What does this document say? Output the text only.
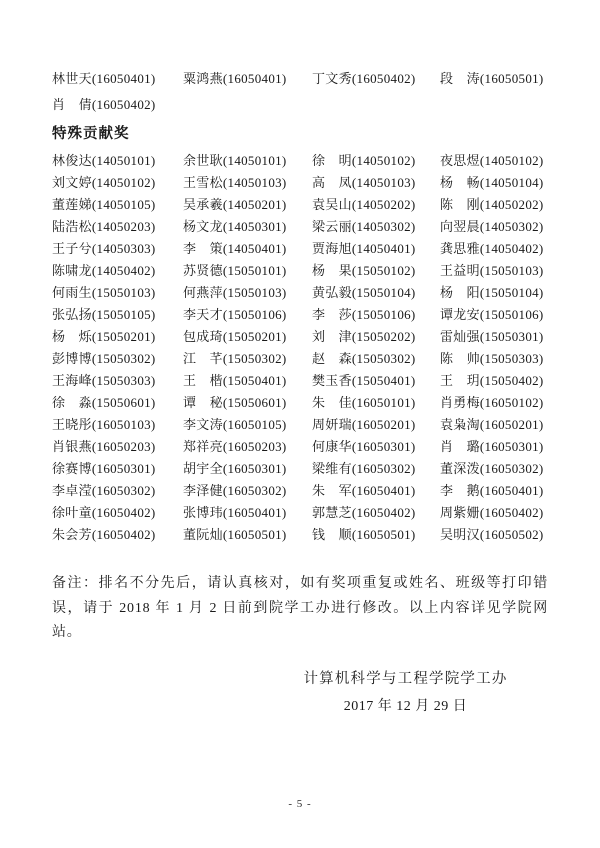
林世天(16050401)	粟鸿燕(16050401)	丁文秀(16050402)	段　涛(16050501)
肖　倩(16050402)
特殊贡献奖
林俊达(14050101)	余世耿(14050101)	徐　明(14050102)	夜思煜(14050102)
刘文婷(14050102)	王雪松(14050103)	高　凤(14050103)	杨　畅(14050104)
董莲娣(14050105)	吴承羲(14050201)	袁吴山(14050202)	陈　刚(14050202)
陆浩松(14050203)	杨文龙(14050301)	梁云丽(14050302)	向翌晨(14050302)
王子兮(14050303)	李　策(14050401)	贾海旭(14050401)	龚思雅(14050402)
陈啸龙(14050402)	苏贤德(15050101)	杨　果(15050102)	王益明(15050103)
何雨生(15050103)	何燕萍(15050103)	黄弘毅(15050104)	杨　阳(15050104)
张弘扬(15050105)	李天才(15050106)	李　莎(15050106)	谭龙安(15050106)
杨　烁(15050201)	包成琦(15050201)	刘　津(15050202)	雷灿强(15050301)
彭博博(15050302)	江　芊(15050302)	赵　森(15050302)	陈　帅(15050303)
王海峰(15050303)	王　楷(15050401)	樊玉香(15050401)	王　玥(15050402)
徐　淼(15050601)	谭　秘(15050601)	朱　佳(16050101)	肖勇梅(16050102)
王晓彤(16050103)	李文涛(16050105)	周妍瑞(16050201)	袁枭淘(16050201)
肖银燕(16050203)	郑祥亮(16050203)	何康华(16050301)	肖　璐(16050301)
徐赛博(16050301)	胡宇全(16050301)	梁维有(16050302)	董深泼(16050302)
李卓滢(16050302)	李泽健(16050302)	朱　军(16050401)	李　鹅(16050401)
徐叶童(16050402)	张博玮(16050401)	郭慧芝(16050402)	周紫姗(16050402)
朱会芳(16050402)	董阮灿(16050501)	钱　顺(16050501)	吴明汉(16050502)

备注：排名不分先后，请认真核对，如有奖项重复或姓名、班级等打印错误，请于 2018 年 1 月 2 日前到院学工办进行修改。以上内容详见学院网站。

计算机科学与工程学院学工办
2017 年 12 月 29 日
- 5 -
